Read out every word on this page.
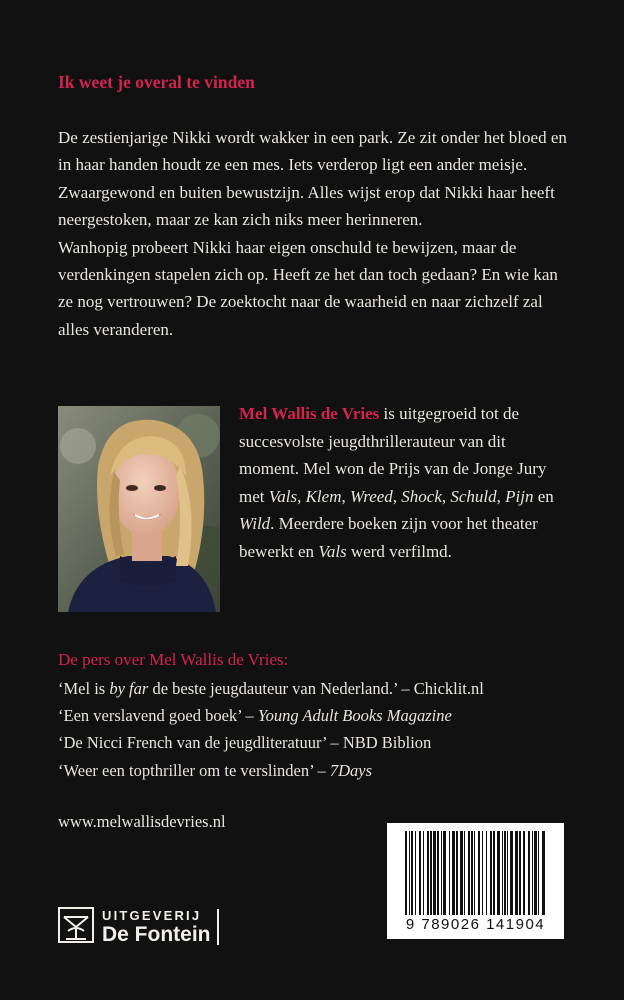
Ik weet je overal te vinden

De zestienjarige Nikki wordt wakker in een park. Ze zit onder het bloed en in haar handen houdt ze een mes. Iets verderop ligt een ander meisje. Zwaargewond en buiten bewustzijn. Alles wijst erop dat Nikki haar heeft neergestoken, maar ze kan zich niks meer herinneren.

Wanhopig probeert Nikki haar eigen onschuld te bewijzen, maar de verdenkingen stapelen zich op. Heeft ze het dan toch gedaan? En wie kan ze nog vertrouwen? De zoektocht naar de waarheid en naar zichzelf zal alles veranderen.

Mel Wallis de Vries is uitgegroeid tot de succesvolste jeugdthrillerauteur van dit moment. Mel won de Prijs van de Jonge Jury met Vals, Klem, Wreed, Shock, Schuld, Pijn en Wild. Meerdere boeken zijn voor het theater bewerkt en Vals werd verfilmd.
De pers over Mel Wallis de Vries:
‘Mel is by far de beste jeugdauteur van Nederland.’ – Chicklit.nl
‘Een verslavend goed boek’ – Young Adult Books Magazine
‘De Nicci French van de jeugdliteratuur’ – NBD Biblion
‘Weer een topthriller om te verslinden’ – 7Days
www.melwallisdevries.nl
UITGEVERIJ
De Fontein	9 789026 141904
